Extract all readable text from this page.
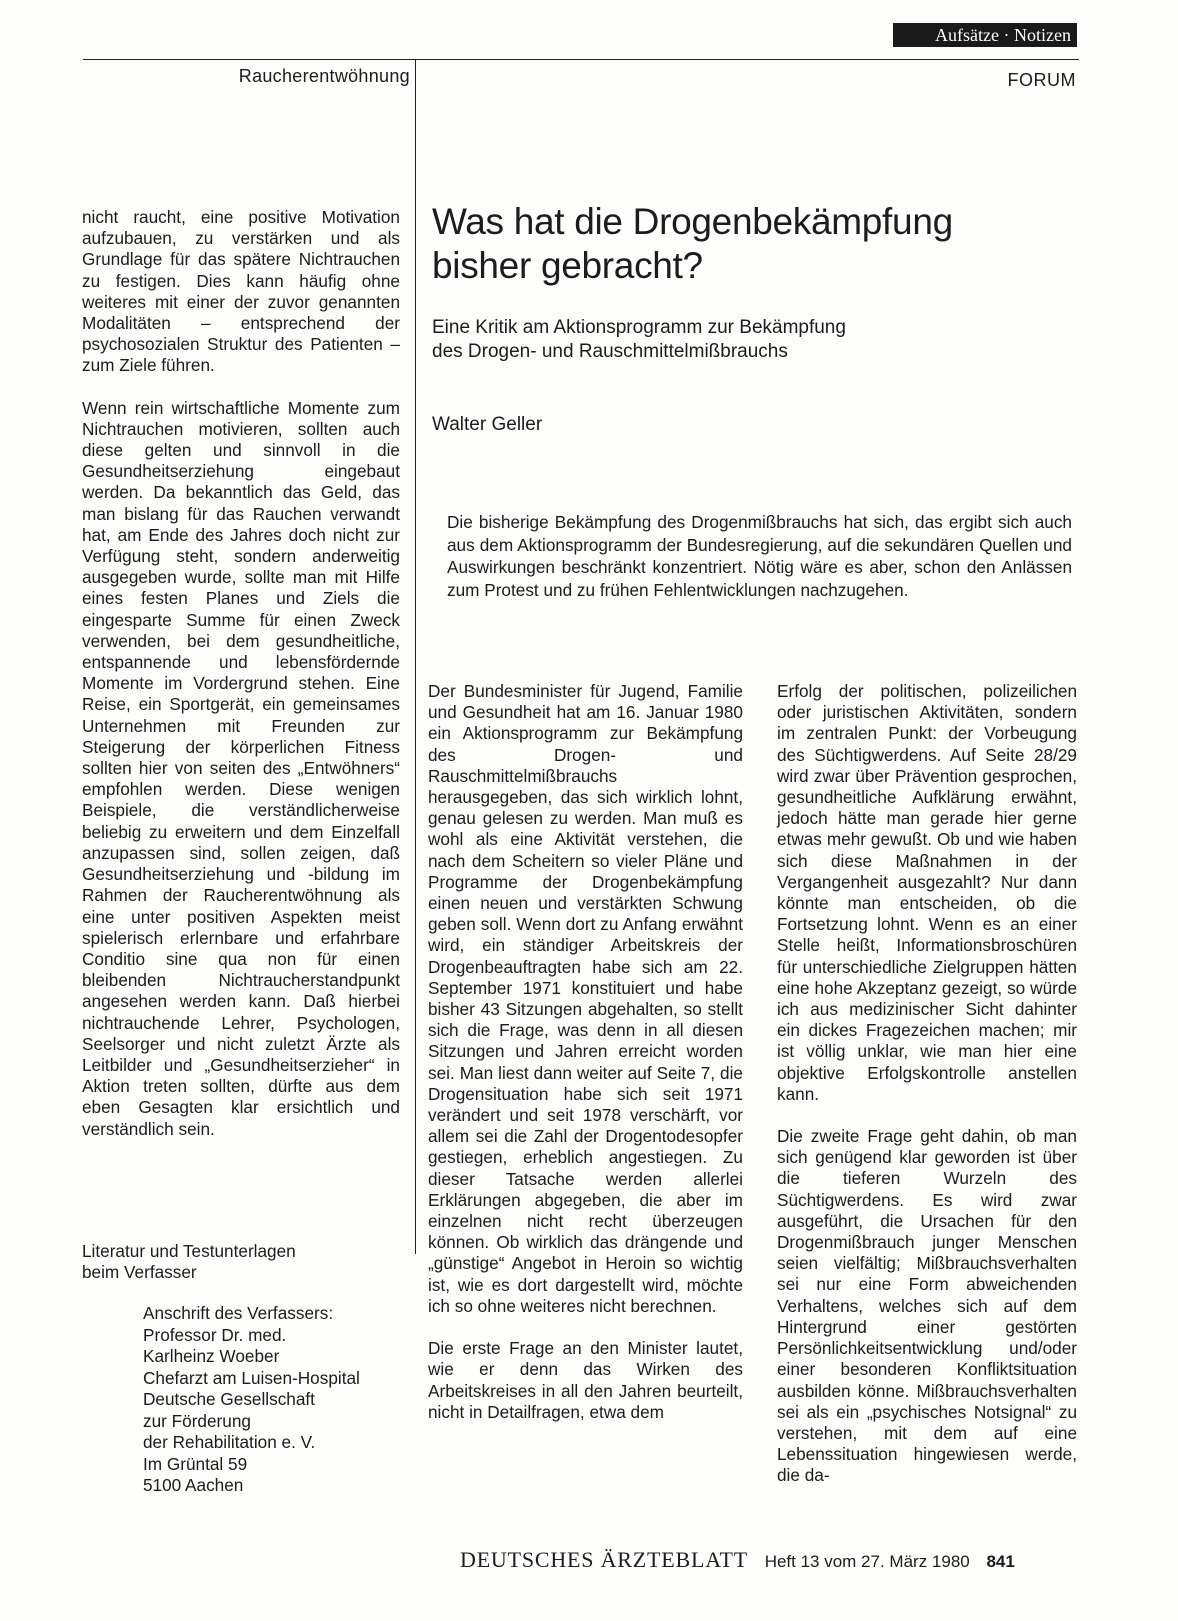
Aufsätze · Notizen
Raucherentwöhnung	FORUM

nicht raucht, eine positive Motivation aufzubauen, zu verstärken und als Grundlage für das spätere Nichtrauchen zu festigen. Dies kann häufig ohne weiteres mit einer der zuvor genannten Modalitäten – entsprechend der psychosozialen Struktur des Patienten – zum Ziele führen.

Wenn rein wirtschaftliche Momente zum Nichtrauchen motivieren, sollten auch diese gelten und sinnvoll in die Gesundheitserziehung eingebaut werden. Da bekanntlich das Geld, das man bislang für das Rauchen verwandt hat, am Ende des Jahres doch nicht zur Verfügung steht, sondern anderweitig ausgegeben wurde, sollte man mit Hilfe eines festen Planes und Ziels die eingesparte Summe für einen Zweck verwenden, bei dem gesundheitliche, entspannende und lebensfördernde Momente im Vordergrund stehen. Eine Reise, ein Sportgerät, ein gemeinsames Unternehmen mit Freunden zur Steigerung der körperlichen Fitness sollten hier von seiten des „Entwöhners“ empfohlen werden. Diese wenigen Beispiele, die verständlicherweise beliebig zu erweitern und dem Einzelfall anzupassen sind, sollen zeigen, daß Gesundheitserziehung und -bildung im Rahmen der Raucherentwöhnung als eine unter positiven Aspekten meist spielerisch erlernbare und erfahrbare Conditio sine qua non für einen bleibenden Nichtraucherstandpunkt angesehen werden kann. Daß hierbei nichtrauchende Lehrer, Psychologen, Seelsorger und nicht zuletzt Ärzte als Leitbilder und „Gesundheitserzieher“ in Aktion treten sollten, dürfte aus dem eben Gesagten klar ersichtlich und verständlich sein.

Literatur und Testunterlagen
beim Verfasser
Anschrift des Verfassers:
Professor Dr. med.
Karlheinz Woeber
Chefarzt am Luisen-Hospital
Deutsche Gesellschaft
zur Förderung
der Rehabilitation e. V.
Im Grüntal 59
5100 Aachen
Was hat die Drogenbekämpfung
bisher gebracht?
Eine Kritik am Aktionsprogramm zur Bekämpfung
des Drogen- und Rauschmittelmißbrauchs
Walter Geller
Die bisherige Bekämpfung des Drogenmißbrauchs hat sich, das ergibt sich auch aus dem Aktionsprogramm der Bundesregierung, auf die sekundären Quellen und Auswirkungen beschränkt konzentriert. Nötig wäre es aber, schon den Anlässen zum Protest und zu frühen Fehlentwicklungen nachzugehen.

Der Bundesminister für Jugend, Familie und Gesundheit hat am 16. Januar 1980 ein Aktionsprogramm zur Bekämpfung des Drogen- und Rauschmittelmißbrauchs herausgegeben, das sich wirklich lohnt, genau gelesen zu werden. Man muß es wohl als eine Aktivität verstehen, die nach dem Scheitern so vieler Pläne und Programme der Drogenbekämpfung einen neuen und verstärkten Schwung geben soll. Wenn dort zu Anfang erwähnt wird, ein ständiger Arbeitskreis der Drogenbeauftragten habe sich am 22. September 1971 konstituiert und habe bisher 43 Sitzungen abgehalten, so stellt sich die Frage, was denn in all diesen Sitzungen und Jahren erreicht worden sei. Man liest dann weiter auf Seite 7, die Drogensituation habe sich seit 1971 verändert und seit 1978 verschärft, vor allem sei die Zahl der Drogentodesopfer gestiegen, erheblich angestiegen. Zu dieser Tatsache werden allerlei Erklärungen abgegeben, die aber im einzelnen nicht recht überzeugen können. Ob wirklich das drängende und „günstige“ Angebot in Heroin so wichtig ist, wie es dort dargestellt wird, möchte ich so ohne weiteres nicht berechnen.

Die erste Frage an den Minister lautet, wie er denn das Wirken des Arbeitskreises in all den Jahren beurteilt, nicht in Detailfragen, etwa dem

Erfolg der politischen, polizeilichen oder juristischen Aktivitäten, sondern im zentralen Punkt: der Vorbeugung des Süchtigwerdens. Auf Seite 28/29 wird zwar über Prävention gesprochen, gesundheitliche Aufklärung erwähnt, jedoch hätte man gerade hier gerne etwas mehr gewußt. Ob und wie haben sich diese Maßnahmen in der Vergangenheit ausgezahlt? Nur dann könnte man entscheiden, ob die Fortsetzung lohnt. Wenn es an einer Stelle heißt, Informationsbroschüren für unterschiedliche Zielgruppen hätten eine hohe Akzeptanz gezeigt, so würde ich aus medizinischer Sicht dahinter ein dickes Fragezeichen machen; mir ist völlig unklar, wie man hier eine objektive Erfolgskontrolle anstellen kann.

Die zweite Frage geht dahin, ob man sich genügend klar geworden ist über die tieferen Wurzeln des Süchtigwerdens. Es wird zwar ausgeführt, die Ursachen für den Drogenmißbrauch junger Menschen seien vielfältig; Mißbrauchsverhalten sei nur eine Form abweichenden Verhaltens, welches sich auf dem Hintergrund einer gestörten Persönlichkeitsentwicklung und/oder einer besonderen Konfliktsituation ausbilden könne. Mißbrauchsverhalten sei als ein „psychisches Notsignal“ zu verstehen, mit dem auf eine Lebenssituation hingewiesen werde, die da-

DEUTSCHES ÄRZTEBLATT Heft 13 vom 27. März 1980 841
